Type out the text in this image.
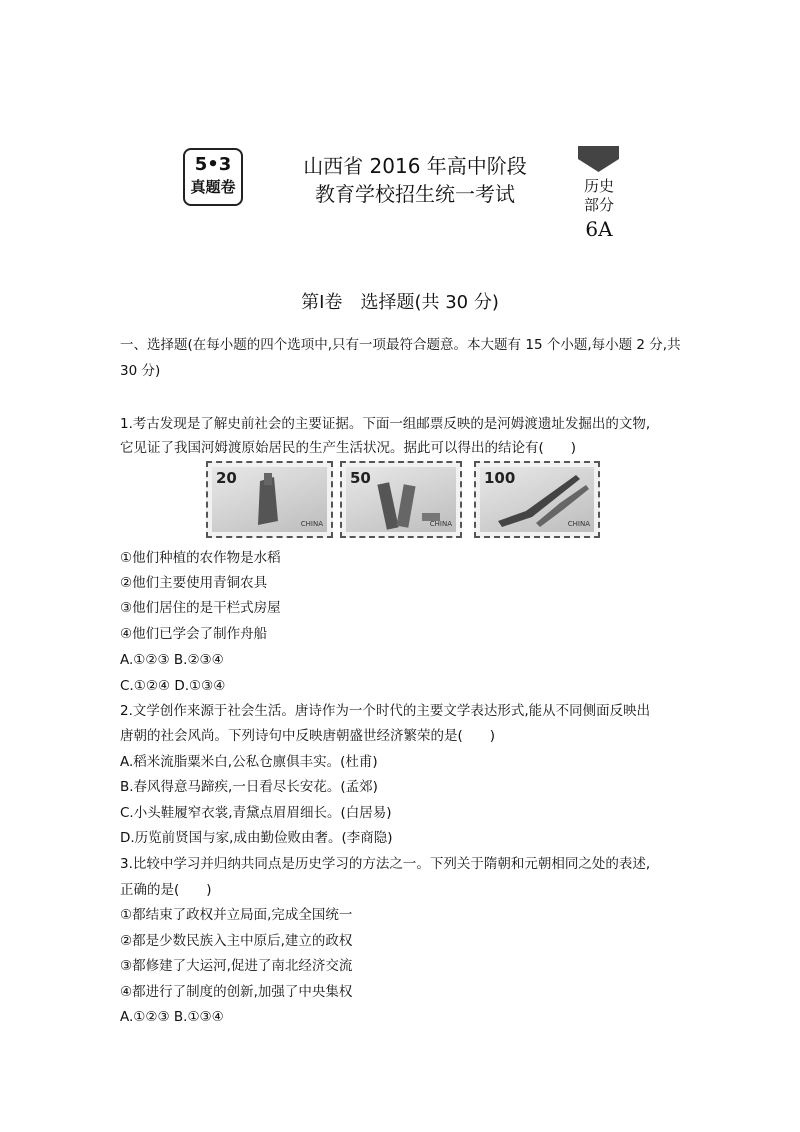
5•3
真题卷
山西省 2016 年高中阶段
教育学校招生统一考试	历史
部分
6A
第Ⅰ卷　选择题(共 30 分)
一、选择题(在每小题的四个选项中,只有一项最符合题意。本大题有 15 个小题,每小题 2 分,共
30 分)
1.考古发现是了解史前社会的主要证据。下面一组邮票反映的是河姆渡遗址发掘出的文物,
它见证了我国河姆渡原始居民的生产生活状况。据此可以得出的结论有(　　)
20
CHINA
50
CHINA
100
CHINA
①他们种植的农作物是水稻
②他们主要使用青铜农具
③他们居住的是干栏式房屋
④他们已学会了制作舟船
A.①②③ B.②③④
C.①②④ D.①③④
2.文学创作来源于社会生活。唐诗作为一个时代的主要文学表达形式,能从不同侧面反映出
唐朝的社会风尚。下列诗句中反映唐朝盛世经济繁荣的是(　　)
A.稻米流脂粟米白,公私仓廪俱丰实。(杜甫)
B.春风得意马蹄疾,一日看尽长安花。(孟郊)
C.小头鞋履窄衣裳,青黛点眉眉细长。(白居易)
D.历览前贤国与家,成由勤俭败由奢。(李商隐)
3.比较中学习并归纳共同点是历史学习的方法之一。下列关于隋朝和元朝相同之处的表述,
正确的是(　　)
①都结束了政权并立局面,完成全国统一
②都是少数民族入主中原后,建立的政权
③都修建了大运河,促进了南北经济交流
④都进行了制度的创新,加强了中央集权
A.①②③ B.①③④
